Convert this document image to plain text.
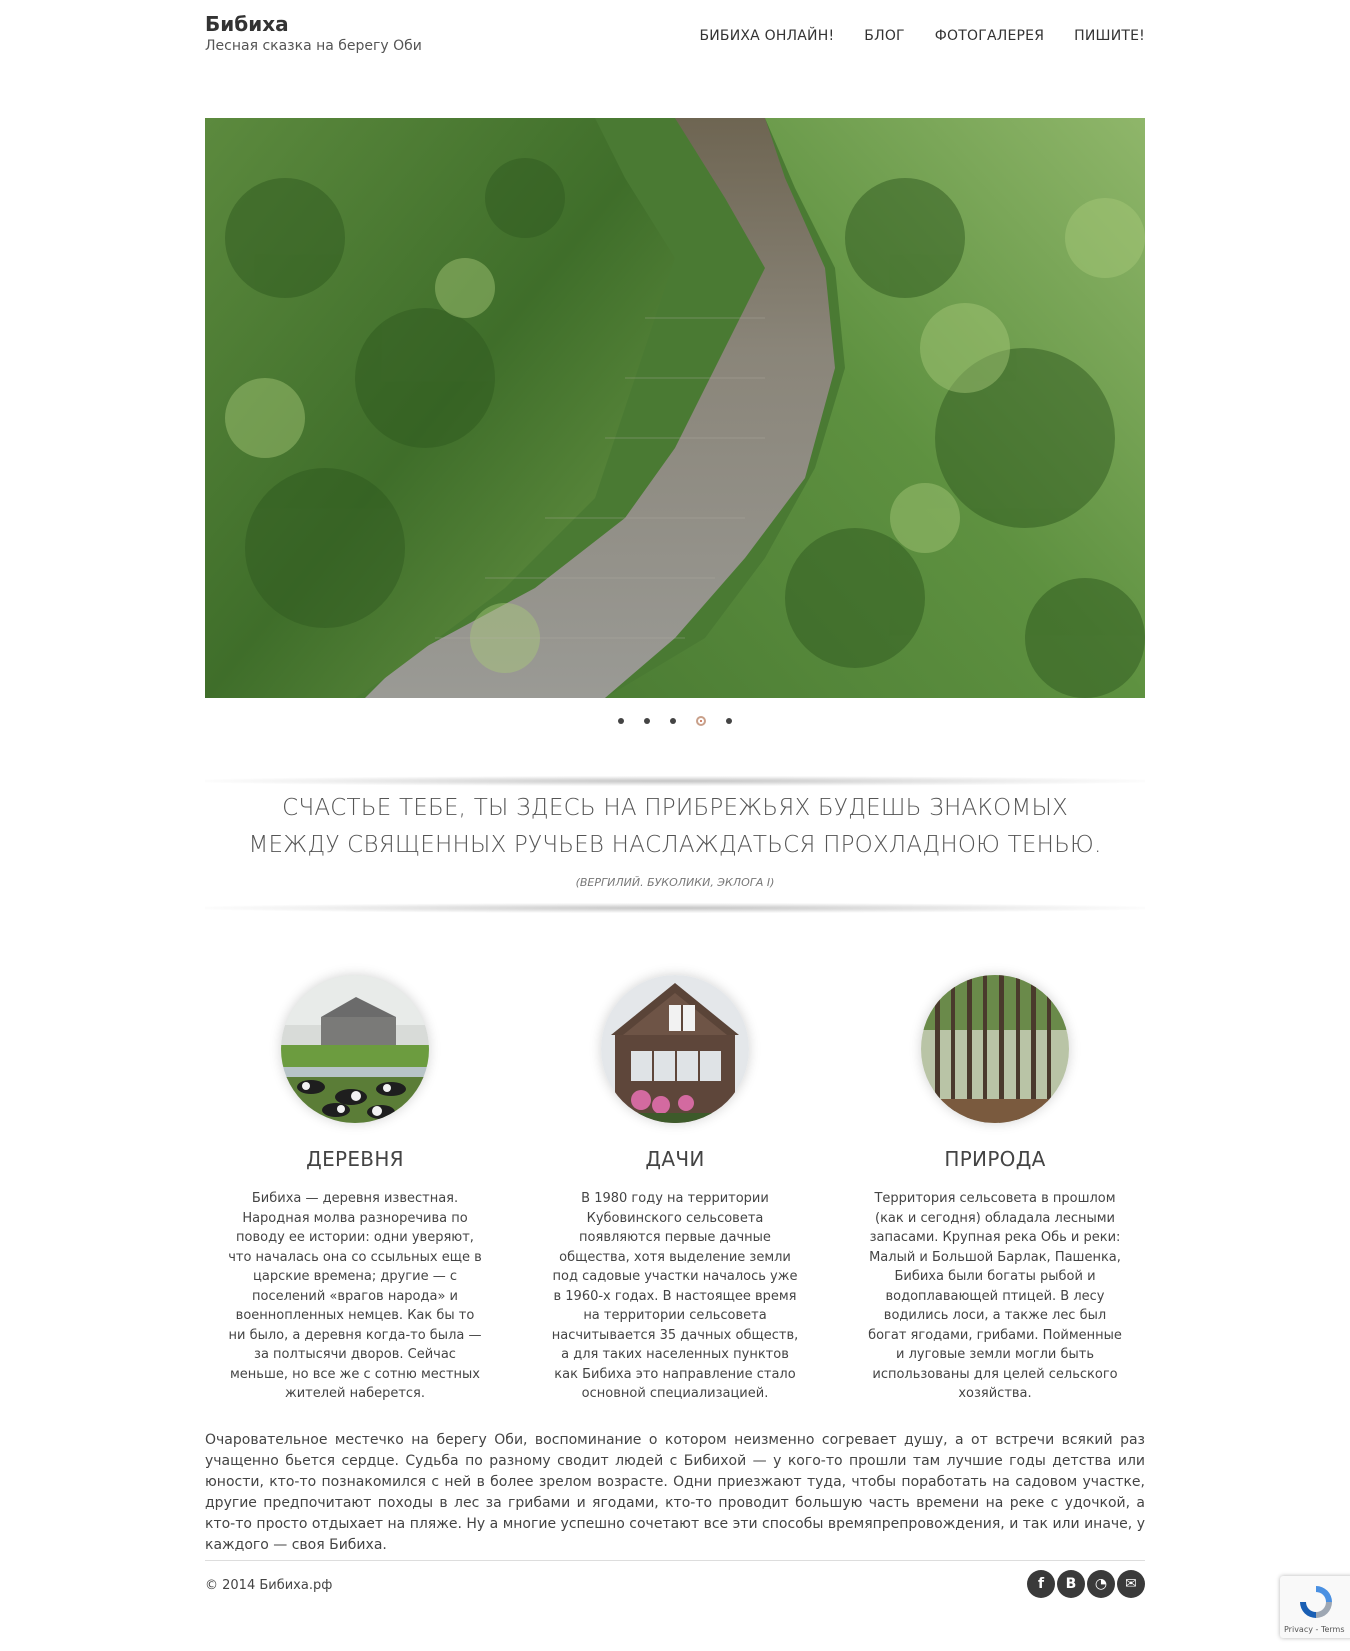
Бибиха
Лесная сказка на берегу Оби
БИБИХА ОНЛАЙН! БЛОГ ФОТОГАЛЕРЕЯ ПИШИТЕ!
СЧАСТЬЕ ТЕБЕ, ТЫ ЗДЕСЬ НА ПРИБРЕЖЬЯХ БУДЕШЬ ЗНАКОМЫХ
МЕЖДУ СВЯЩЕННЫХ РУЧЬЕВ НАСЛАЖДАТЬСЯ ПРОХЛАДНОЮ ТЕНЬЮ.
(ВЕРГИЛИЙ. БУКОЛИКИ, ЭКЛОГА I)
ДЕРЕВНЯ

Бибиха — деревня известная. Народная молва разноречива по поводу ее истории: одни уверяют, что началась она со ссыльных еще в царские времена; другие — с поселений «врагов народа» и военнопленных немцев. Как бы то ни было, а деревня когда-то была — за полтысячи дворов. Сейчас меньше, но все же с сотню местных жителей наберется.

ДАЧИ

В 1980 году на территории Кубовинского сельсовета появляются первые дачные общества, хотя выделение земли под садовые участки началось уже в 1960-х годах. В настоящее время на территории сельсовета насчитывается 35 дачных обществ, а для таких населенных пунктов как Бибиха это направление стало основной специализацией.

ПРИРОДА

Территория сельсовета в прошлом (как и сегодня) обладала лесными запасами. Крупная река Обь и реки: Малый и Большой Барлак, Пашенка, Бибиха были богаты рыбой и водоплавающей птицей. В лесу водились лоси, а также лес был богат ягодами, грибами. Пойменные и луговые земли могли быть использованы для целей сельского хозяйства.

Очаровательное местечко на берегу Оби, воспоминание о котором неизменно согревает душу, а от встречи всякий раз учащенно бьется сердце. Судьба по разному сводит людей с Бибихой — у кого-то прошли там лучшие годы детства или юности, кто-то познакомился с ней в более зрелом возрасте. Одни приезжают туда, чтобы поработать на садовом участке, другие предпочитают походы в лес за грибами и ягодами, кто-то проводит большую часть времени на реке с удочкой, а кто-то просто отдыхает на пляже. Ну а многие успешно сочетают все эти способы времяпрепровождения, и так или иначе, у каждого — своя Бибиха.
© 2014 Бибиха.рф	f	В	◔	✉
Privacy - Terms
